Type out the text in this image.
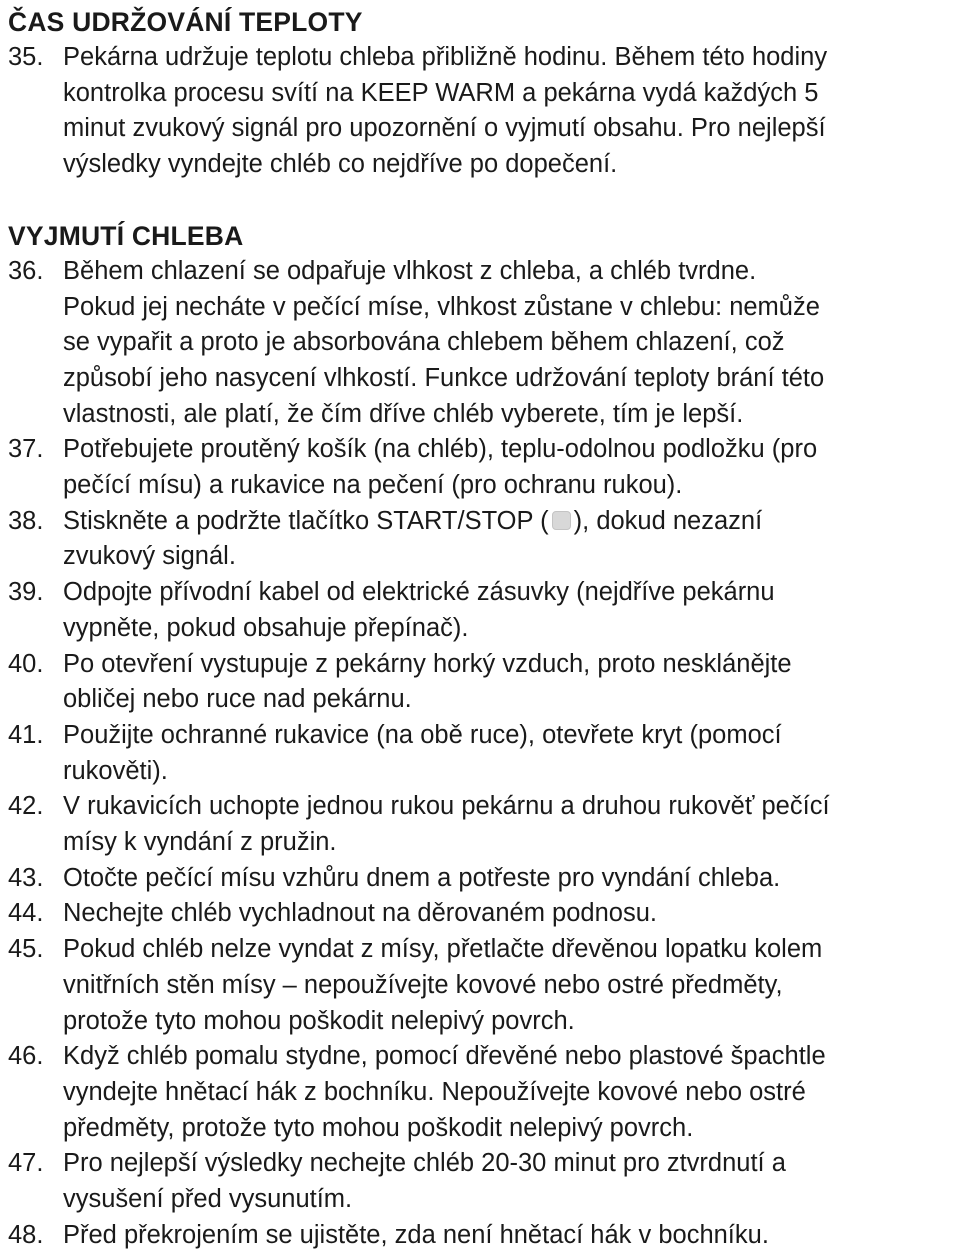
ČAS UDRŽOVÁNÍ TEPLOTY
35. Pekárna udržuje teplotu chleba přibližně hodinu. Během této hodiny
kontrolka procesu svítí na KEEP WARM a pekárna vydá každých 5
minut zvukový signál pro upozornění o vyjmutí obsahu. Pro nejlepší
výsledky vyndejte chléb co nejdříve po dopečení.
VYJMUTÍ CHLEBA
36. Během chlazení se odpařuje vlhkost z chleba, a chléb tvrdne.
Pokud jej necháte v pečící míse, vlhkost zůstane v chlebu: nemůže
se vypařit a proto je absorbována chlebem během chlazení, což
způsobí jeho nasycení vlhkostí. Funkce udržování teploty brání této
vlastnosti, ale platí, že čím dříve chléb vyberete, tím je lepší.
37. Potřebujete proutěný košík (na chléb), teplu-odolnou podložku (pro
pečící mísu) a rukavice na pečení (pro ochranu rukou).
38. Stiskněte a podržte tlačítko START/STOP ( ), dokud nezazní
zvukový signál.
39. Odpojte přívodní kabel od elektrické zásuvky (nejdříve pekárnu
vypněte, pokud obsahuje přepínač).
40. Po otevření vystupuje z pekárny horký vzduch, proto nesklánějte
obličej nebo ruce nad pekárnu.
41. Použijte ochranné rukavice (na obě ruce), otevřete kryt (pomocí
rukověti).
42. V rukavicích uchopte jednou rukou pekárnu a druhou rukověť pečící
mísy k vyndání z pružin.
43. Otočte pečící mísu vzhůru dnem a potřeste pro vyndání chleba.
44. Nechejte chléb vychladnout na děrovaném podnosu.
45. Pokud chléb nelze vyndat z mísy, přetlačte dřevěnou lopatku kolem
vnitřních stěn mísy – nepoužívejte kovové nebo ostré předměty,
protože tyto mohou poškodit nelepivý povrch.
46. Když chléb pomalu stydne, pomocí dřevěné nebo plastové špachtle
vyndejte hnětací hák z bochníku. Nepoužívejte kovové nebo ostré
předměty, protože tyto mohou poškodit nelepivý povrch.
47. Pro nejlepší výsledky nechejte chléb 20-30 minut pro ztvrdnutí a
vysušení před vysunutím.
48. Před překrojením se ujistěte, zda není hnětací hák v bochníku.
